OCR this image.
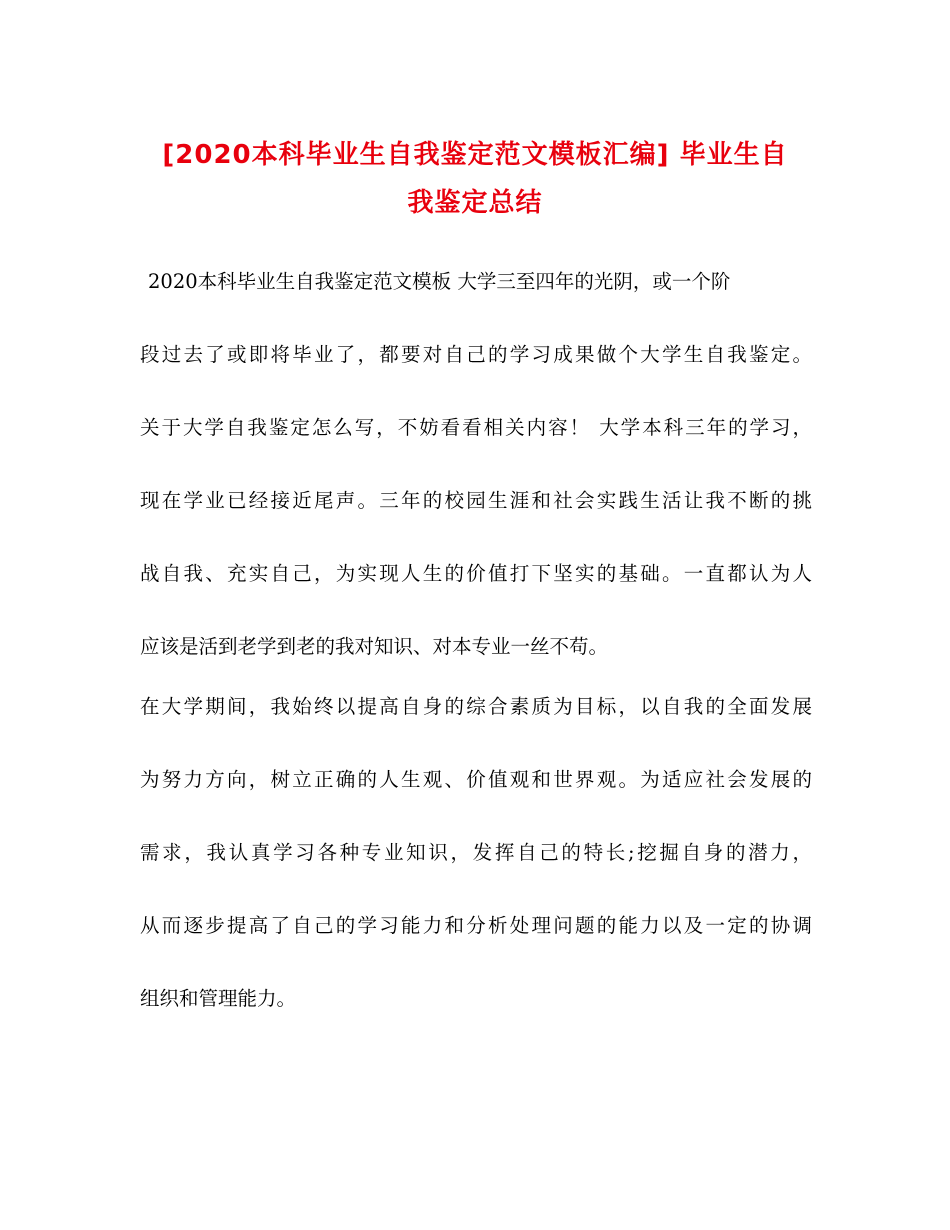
[2020本科毕业生自我鉴定范文模板汇编] 毕业生自
我鉴定总结
2020本科毕业生自我鉴定范文模板 大学三至四年的光阴，或一个阶
段过去了或即将毕业了，都要对自己的学习成果做个大学生自我鉴定。
关于大学自我鉴定怎么写，不妨看看相关内容！ 大学本科三年的学习，
现在学业已经接近尾声。三年的校园生涯和社会实践生活让我不断的挑
战自我、充实自己，为实现人生的价值打下坚实的基础。一直都认为人
应该是活到老学到老的我对知识、对本专业一丝不苟。
在大学期间，我始终以提高自身的综合素质为目标，以自我的全面发展
为努力方向，树立正确的人生观、价值观和世界观。为适应社会发展的
需求，我认真学习各种专业知识，发挥自己的特长;挖掘自身的潜力，
从而逐步提高了自己的学习能力和分析处理问题的能力以及一定的协调
组织和管理能力。
